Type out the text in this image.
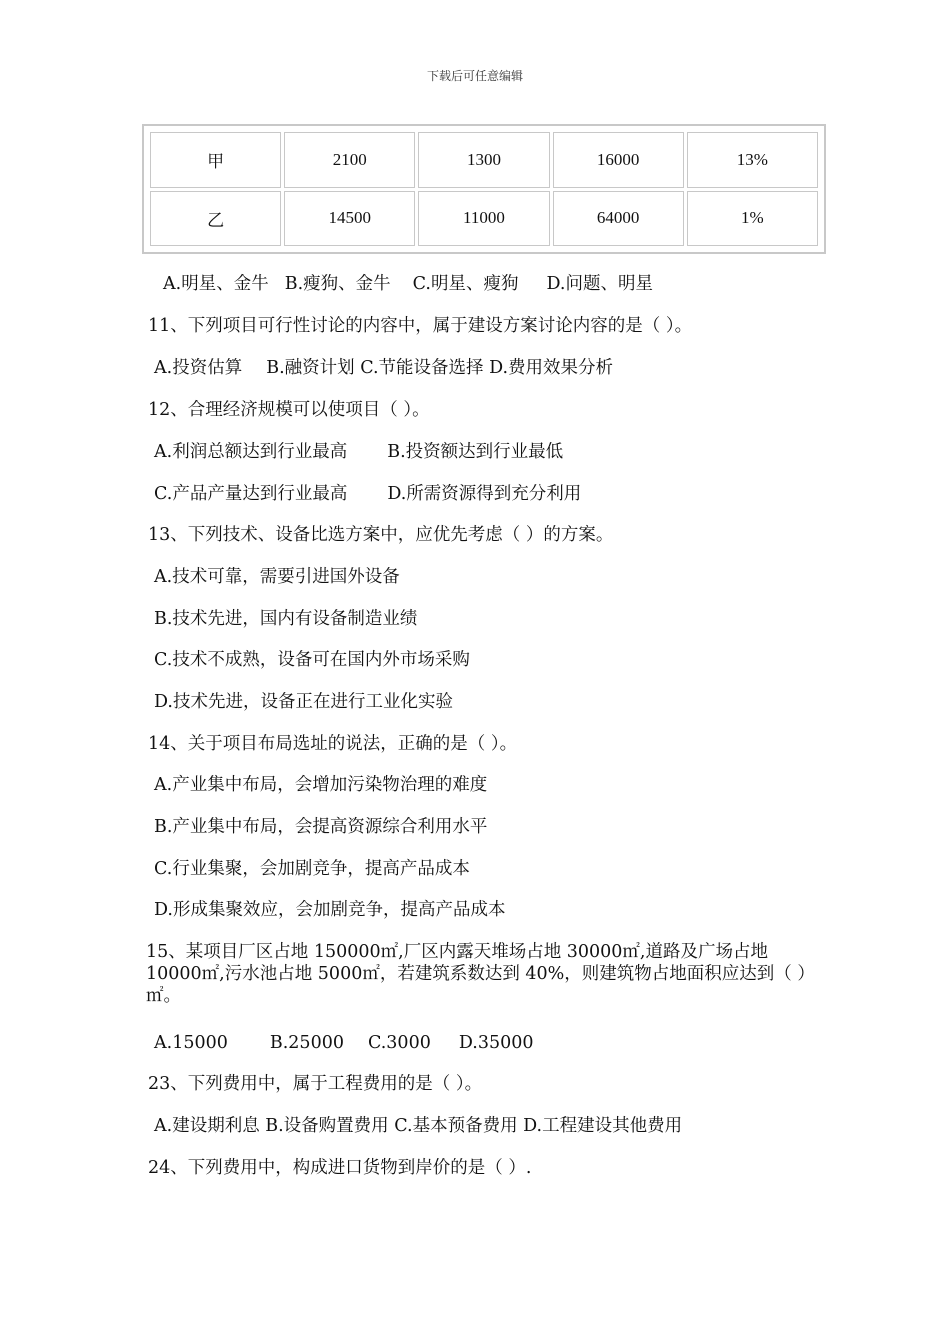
下载后可任意编辑
甲	2100	1300	16000	13%
乙	14500	11000	64000	1%
A.明星、金牛 B.瘦狗、金牛 C.明星、瘦狗 D.问题、明星
11、下列项目可行性讨论的内容中，属于建设方案讨论内容的是（ ）。
A.投资估算 B.融资计划 C.节能设备选择 D.费用效果分析
12、合理经济规模可以使项目（ ）。
A.利润总额达到行业最高 B.投资额达到行业最低
C.产品产量达到行业最高 D.所需资源得到充分利用
13、下列技术、设备比选方案中，应优先考虑（ ）的方案。
A.技术可靠，需要引进国外设备
B.技术先进，国内有设备制造业绩
C.技术不成熟，设备可在国内外市场采购
D.技术先进，设备正在进行工业化实验
14、关于项目布局选址的说法，正确的是（ ）。
A.产业集中布局，会增加污染物治理的难度
B.产业集中布局，会提高资源综合利用水平
C.行业集聚，会加剧竞争，提高产品成本
D.形成集聚效应，会加剧竞争，提高产品成本
15、某项目厂区占地 150000㎡,厂区内露天堆场占地 30000㎡,道路及广场占地 10000㎡,污水池占地 5000㎡，若建筑系数达到 40%，则建筑物占地面积应达到（ ）㎡。
A.15000 B.25000 C.3000 D.35000
23、下列费用中，属于工程费用的是（ ）。
A.建设期利息 B.设备购置费用 C.基本预备费用 D.工程建设其他费用
24、下列费用中，构成进口货物到岸价的是（ ）.
